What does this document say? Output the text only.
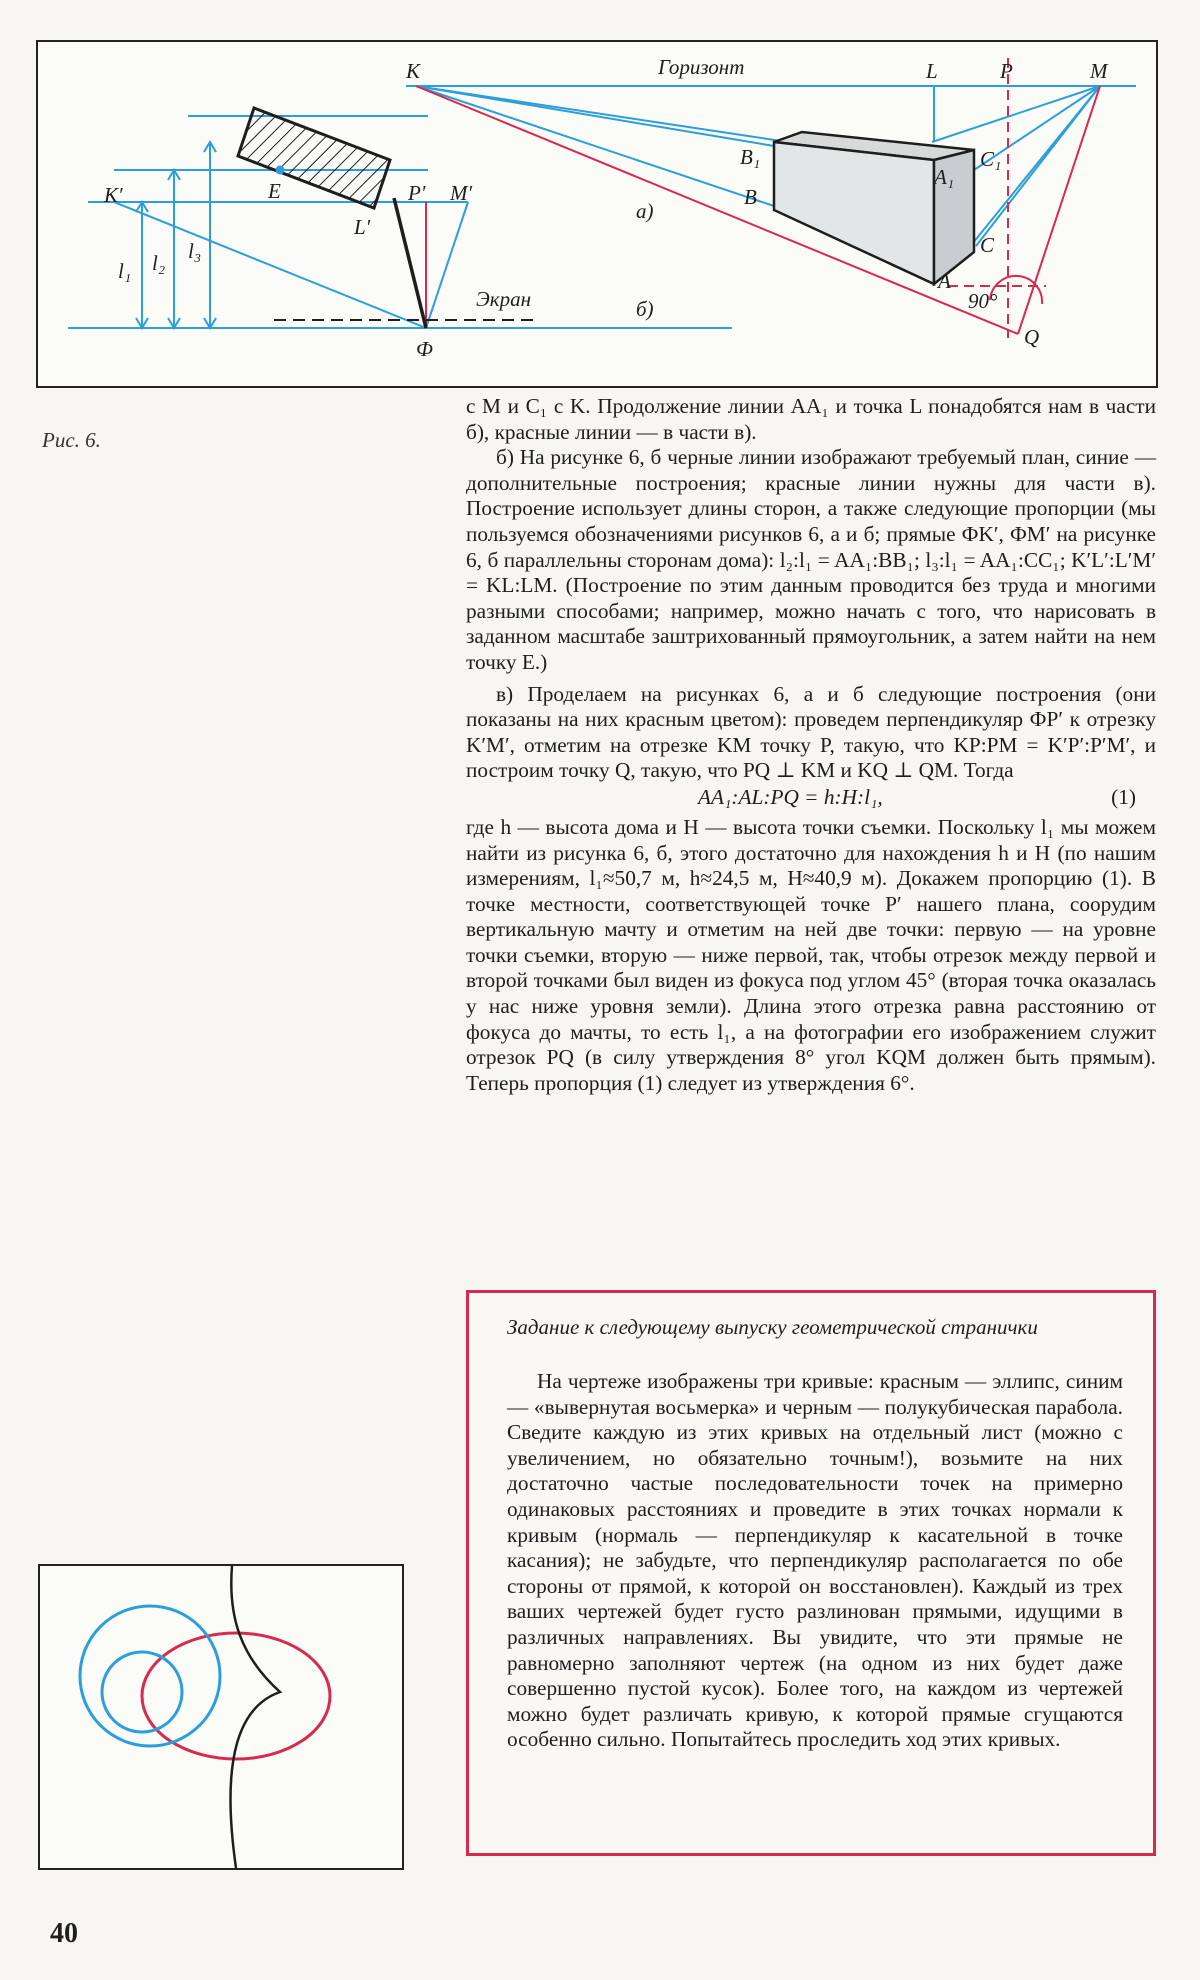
Горизонт
K	L	P	M
B₁
A₁
C₁
B
C
A
90°
Q
а)
б)
Экран
K′	P′ M′
L′
E
Ф
l₁ l₂ l₃
Рис. 6.

с M и C₁ с K. Продолжение линии AA₁ и точка L понадобятся нам в части б), красные линии — в части в).

б) На рисунке 6, б черные линии изображают требуемый план, синие — дополнительные построения; красные линии нужны для части в). Построение использует длины сторон, а также следующие пропорции (мы пользуемся обозначениями рисунков 6, а и б; прямые ФK′, ФM′ на рисунке 6, б параллельны сторонам дома): l₂:l₁ = AA₁:BB₁; l₃:l₁ = AA₁:CC₁; K′L′:L′M′ = KL:LM. (Построение по этим данным проводится без труда и многими разными способами; например, можно начать с того, что нарисовать в заданном масштабе заштрихованный прямоугольник, а затем найти на нем точку E.)

в) Проделаем на рисунках 6, а и б следующие построения (они показаны на них красным цветом): проведем перпендикуляр ФP′ к отрезку K′M′, отметим на отрезке KM точку P, такую, что KP:PM = K′P′:P′M′, и построим точку Q, такую, что PQ ⊥ KM и KQ ⊥ QM. Тогда

AA₁:AL:PQ = h:H:l₁,	(1)

где h — высота дома и H — высота точки съемки. Поскольку l₁ мы можем найти из рисунка 6, б, этого достаточно для нахождения h и H (по нашим измерениям, l₁≈50,7 м, h≈24,5 м, H≈40,9 м). Докажем пропорцию (1). В точке местности, соответствующей точке P′ нашего плана, соорудим вертикальную мачту и отметим на ней две точки: первую — на уровне точки съемки, вторую — ниже первой, так, чтобы отрезок между первой и второй точками был виден из фокуса под углом 45° (вторая точка оказалась у нас ниже уровня земли). Длина этого отрезка равна расстоянию от фокуса до мачты, то есть l₁, а на фотографии его изображением служит отрезок PQ (в силу утверждения 8° угол KQM должен быть прямым). Теперь пропорция (1) следует из утверждения 6°.

Задание к следующему выпуску геометрической странички

На чертеже изображены три кривые: красным — эллипс, синим — «вывернутая восьмерка» и черным — полукубическая парабола. Сведите каждую из этих кривых на отдельный лист (можно с увеличением, но обязательно точным!), возьмите на них достаточно частые последовательности точек на примерно одинаковых расстояниях и проведите в этих точках нормали к кривым (нормаль — перпендикуляр к касательной в точке касания); не забудьте, что перпендикуляр располагается по обе стороны от прямой, к которой он восстановлен). Каждый из трех ваших чертежей будет густо разлинован прямыми, идущими в различных направлениях. Вы увидите, что эти прямые не равномерно заполняют чертеж (на одном из них будет даже совершенно пустой кусок). Более того, на каждом из чертежей можно будет различать кривую, к которой прямые сгущаются особенно сильно. Попытайтесь проследить ход этих кривых.

40
